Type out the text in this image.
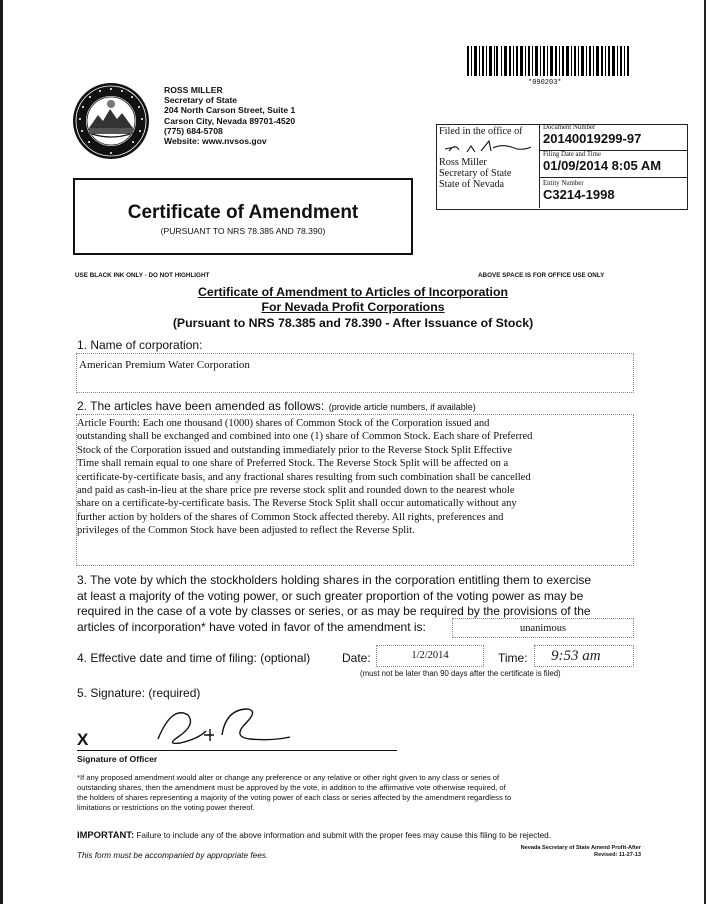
*090203*
ROSS MILLER
Secretary of State
204 North Carson Street, Suite 1
Carson City, Nevada 89701-4520
(775) 684-5708
Website: www.nvsos.gov
Filed in the office of
Ross Miller
Secretary of State
State of Nevada
Document Number
20140019299-97
Filing Date and Time
01/09/2014 8:05 AM
Entity Number
C3214-1998
Certificate of Amendment
(PURSUANT TO NRS 78.385 AND 78.390)
USE BLACK INK ONLY - DO NOT HIGHLIGHT	ABOVE SPACE IS FOR OFFICE USE ONLY
Certificate of Amendment to Articles of Incorporation
For Nevada Profit Corporations
(Pursuant to NRS 78.385 and 78.390 - After Issuance of Stock)
1. Name of corporation:
American Premium Water Corporation
2. The articles have been amended as follows: (provide article numbers, if available)
Article Fourth: Each one thousand (1000) shares of Common Stock of the Corporation issued and
outstanding shall be exchanged and combined into one (1) share of Common Stock. Each share of Preferred
Stock of the Corporation issued and outstanding immediately prior to the Reverse Stock Split Effective
Time shall remain equal to one share of Preferred Stock. The Reverse Stock Split will be affected on a
certificate-by-certificate basis, and any fractional shares resulting from such combination shall be cancelled
and paid as cash-in-lieu at the share price pre reverse stock split and rounded down to the nearest whole
share on a certificate-by-certificate basis. The Reverse Stock Split shall occur automatically without any
further action by holders of the shares of Common Stock affected thereby. All rights, preferences and
privileges of the Common Stock have been adjusted to reflect the Reverse Split.
3. The vote by which the stockholders holding shares in the corporation entitling them to exercise
at least a majority of the voting power, or such greater proportion of the voting power as may be
required in the case of a vote by classes or series, or as may be required by the provisions of the
articles of incorporation* have voted in favor of the amendment is:	unanimous
4. Effective date and time of filing: (optional)	Date:	1/2/2014	Time:	9:53 am
(must not be later than 90 days after the certificate is filed)
5. Signature: (required)
X
Signature of Officer
*If any proposed amendment would alter or change any preference or any relative or other right given to any class or series of
outstanding shares, then the amendment must be approved by the vote, in addition to the affirmative vote otherwise required, of
the holders of shares representing a majority of the voting power of each class or series affected by the amendment regardless to
limitations or restrictions on the voting power thereof.
IMPORTANT: Failure to include any of the above information and submit with the proper fees may cause this filing to be rejected.
This form must be accompanied by appropriate fees.
Nevada Secretary of State Amend Profit-After
Revised: 11-27-13
